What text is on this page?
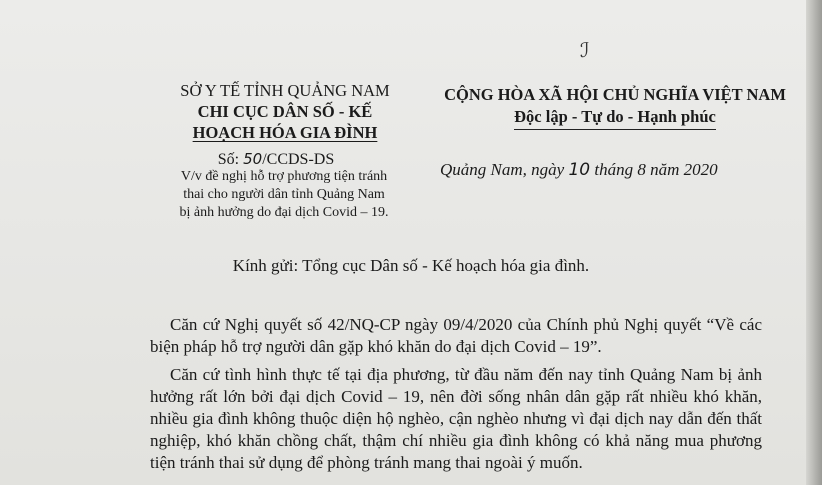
ℐ
SỞ Y TẾ TỈNH QUẢNG NAM
CHI CỤC DÂN SỐ - KẾ
HOẠCH HÓA GIA ĐÌNH
CỘNG HÒA XÃ HỘI CHỦ NGHĨA VIỆT NAM
Độc lập - Tự do - Hạnh phúc
Số: 50/CCDS-DS
V/v đề nghị hỗ trợ phương tiện tránh
thai cho người dân tỉnh Quảng Nam
bị ảnh hưởng do đại dịch Covid – 19.
Quảng Nam, ngày 10 tháng 8 năm 2020
Kính gửi: Tổng cục Dân số - Kế hoạch hóa gia đình.

Căn cứ Nghị quyết số 42/NQ-CP ngày 09/4/2020 của Chính phủ Nghị quyết “Về các biện pháp hỗ trợ người dân gặp khó khăn do đại dịch Covid – 19”.

Căn cứ tình hình thực tế tại địa phương, từ đầu năm đến nay tỉnh Quảng Nam bị ảnh hưởng rất lớn bởi đại dịch Covid – 19, nên đời sống nhân dân gặp rất nhiều khó khăn, nhiều gia đình không thuộc diện hộ nghèo, cận nghèo nhưng vì đại dịch nay dẫn đến thất nghiệp, khó khăn chồng chất, thậm chí nhiều gia đình không có khả năng mua phương tiện tránh thai sử dụng để phòng tránh mang thai ngoài ý muốn.
